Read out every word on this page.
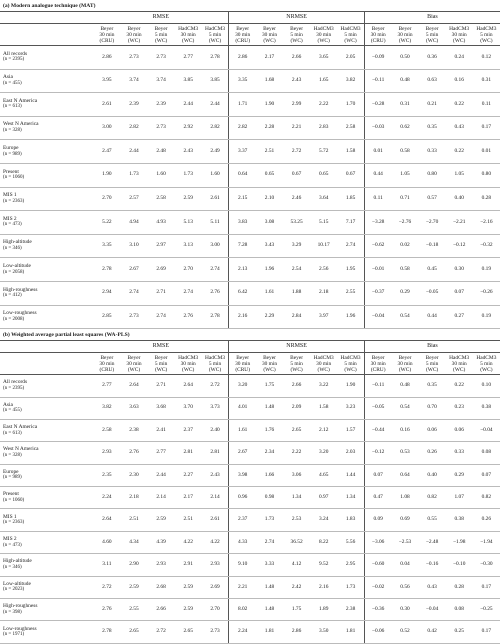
(a) Modern analogue technique (MAT)
	RMSE					NRMSE					Bias				
	Beyer
30 min
(CRU)	Beyer
30 min
(WC)	Beyer
5 min
(WC)	HadCM3
30 min
(WC)	HadCM3
5 min
(WC)	Beyer
30 min
(CRU)	Beyer
30 min
(WC)	Beyer
5 min
(WC)	HadCM3
30 min
(WC)	HadCM3
5 min
(WC)	Beyer
30 min
(CRU)	Beyer
30 min
(WC)	Beyer
5 min
(WC)	HadCM3
30 min
(WC)	HadCM3
5 min
(WC)
All records
(n = 2395)	2.86	2.73	2.73	2.77	2.78	2.86	2.17	2.66	3.65	2.05	−0.09	0.50	0.36	0.24	0.12
Asia
(n = 455)	3.95	3.74	3.74	3.85	3.85	3.35	1.68	2.43	1.65	3.82	−0.11	0.48	0.63	0.16	0.31
East N America
(n = 613)	2.61	2.39	2.39	2.44	2.44	1.71	1.90	2.99	2.22	1.70	−0.28	0.31	0.21	0.22	0.11
West N America
(n = 328)	3.00	2.82	2.73	2.92	2.82	2.82	2.28	2.21	2.83	2.58	−0.03	0.62	0.35	0.43	0.17
Europe
(n = 989)	2.47	2.44	2.48	2.43	2.49	3.37	2.51	2.72	5.72	1.58	0.01	0.58	0.33	0.22	0.01
Present
(n = 1060)	1.90	1.73	1.60	1.73	1.60	0.64	0.65	0.67	0.65	0.67	0.44	1.05	0.80	1.05	0.80
MIS 1
(n = 2363)	2.70	2.57	2.58	2.59	2.61	2.15	2.10	2.46	3.64	1.85	0.11	0.71	0.57	0.40	0.28
MIS 2
(n = 473)	5.22	4.94	4.93	5.13	5.11	3.83	3.08	53.25	5.15	7.17	−3.28	−2.76	−2.70	−2.21	−2.16
High-altitude
(n = 346)	3.35	3.10	2.97	3.13	3.00	7.28	3.43	3.29	10.17	2.74	−0.62	0.02	−0.18	−0.12	−0.32
Low-altitude
(n = 2058)	2.78	2.67	2.69	2.70	2.74	2.13	1.96	2.54	2.56	1.95	−0.01	0.58	0.45	0.30	0.19
High-roughness
(n = 412)	2.94	2.74	2.71	2.74	2.76	6.42	1.61	1.88	2.18	2.55	−0.37	0.29	−0.05	0.07	−0.26
Low-roughness
(n = 2008)	2.85	2.73	2.74	2.76	2.78	2.16	2.29	2.84	3.97	1.96	−0.04	0.54	0.44	0.27	0.19
(b) Weighted average partial least squares (WA-PLS)
	RMSE					NRMSE					Bias				
	Beyer
30 min
(CRU)	Beyer
30 min
(WC)	Beyer
5 min
(WC)	HadCM3
30 min
(WC)	HadCM3
5 min
(WC)	Beyer
30 min
(CRU)	Beyer
30 min
(WC)	Beyer
5 min
(WC)	HadCM3
30 min
(WC)	HadCM3
5 min
(WC)	Beyer
30 min
(CRU)	Beyer
30 min
(WC)	Beyer
5 min
(WC)	HadCM3
30 min
(WC)	HadCM3
5 min
(WC)
All records
(n = 2395)	2.77	2.64	2.71	2.64	2.72	3.20	1.75	2.66	3.22	1.90	−0.11	0.48	0.35	0.22	0.10
Asia
(n = 455)	3.82	3.63	3.68	3.70	3.73	4.01	1.48	2.09	1.58	3.23	−0.05	0.54	0.70	0.23	0.38
East N America
(n = 613)	2.58	2.38	2.41	2.37	2.40	1.61	1.76	2.65	2.12	1.57	−0.44	0.16	0.06	0.06	−0.04
West N America
(n = 328)	2.93	2.76	2.77	2.81	2.81	2.67	2.34	2.22	3.20	2.03	−0.12	0.53	0.26	0.33	0.08
Europe
(n = 989)	2.35	2.30	2.44	2.27	2.43	3.98	1.66	3.06	4.65	1.44	0.07	0.64	0.40	0.29	0.07
Present
(n = 1060)	2.24	2.18	2.14	2.17	2.14	0.96	0.98	1.34	0.97	1.34	0.47	1.08	0.82	1.07	0.82
MIS 1
(n = 2363)	2.64	2.51	2.59	2.51	2.61	2.37	1.73	2.53	3.24	1.83	0.09	0.69	0.55	0.38	0.26
MIS 2
(n = 473)	4.60	4.34	4.39	4.22	4.22	4.33	2.74	36.52	8.22	5.56	−3.06	−2.53	−2.48	−1.98	−1.94
High-altitude
(n = 346)	3.11	2.90	2.93	2.91	2.93	9.10	3.33	4.12	9.52	2.95	−0.60	0.04	−0.16	−0.10	−0.30
Low-altitude
(n = 2023)	2.72	2.59	2.68	2.59	2.69	2.21	1.48	2.42	2.16	1.73	−0.02	0.56	0.43	0.28	0.17
High-roughness
(n = 398)	2.76	2.55	2.66	2.59	2.70	8.02	1.48	1.75	1.89	2.38	−0.36	0.30	−0.04	0.08	−0.25
Low-roughness
(n = 1971)	2.78	2.65	2.72	2.65	2.73	2.24	1.81	2.86	3.50	1.81	−0.06	0.52	0.42	0.25	0.17
